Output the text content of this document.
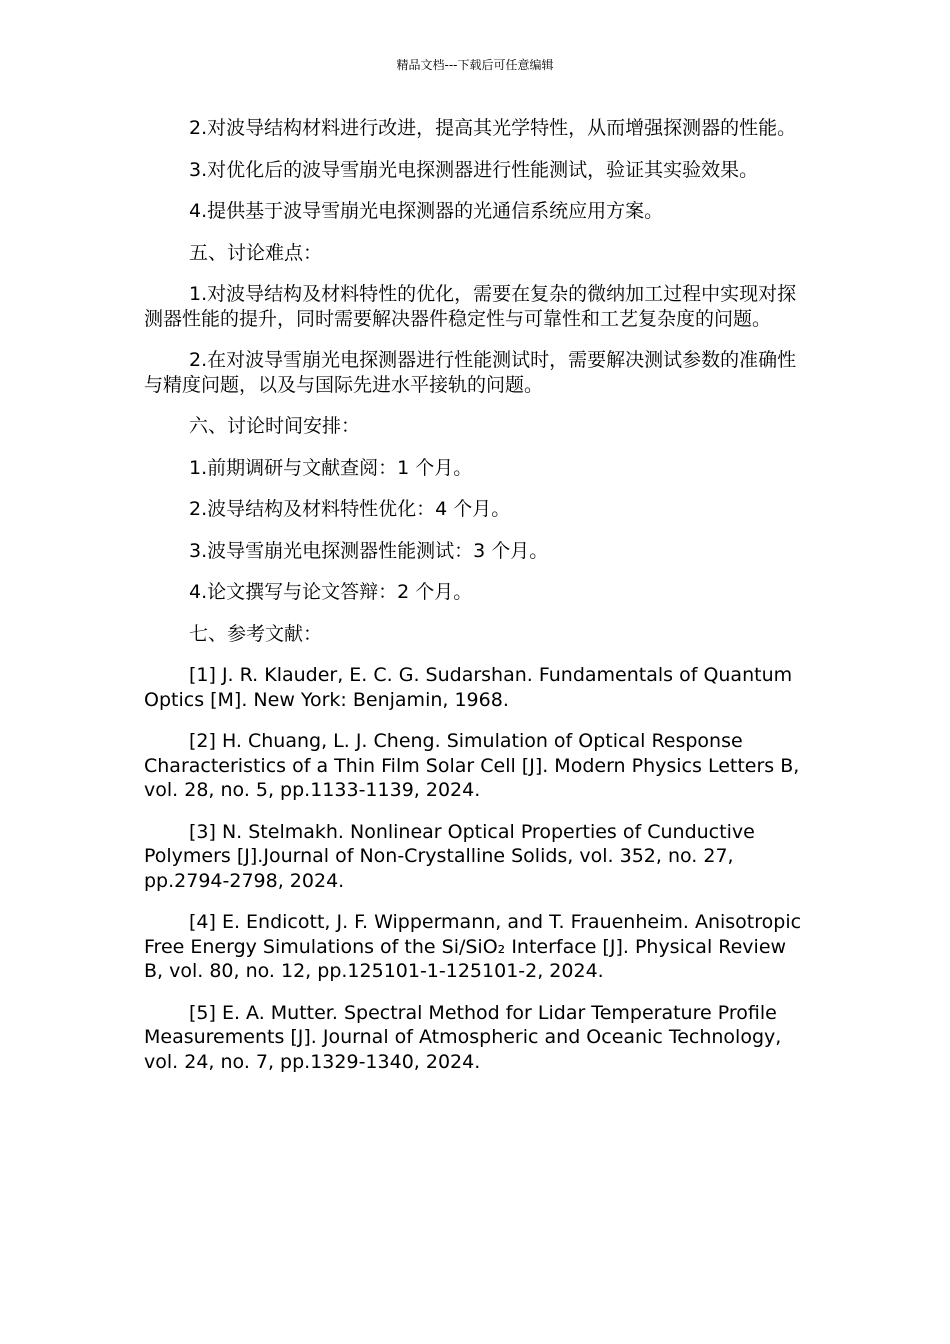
精品文档---下载后可任意编辑

2.对波导结构材料进行改进，提高其光学特性，从而增强探测器的性能。

3.对优化后的波导雪崩光电探测器进行性能测试，验证其实验效果。

4.提供基于波导雪崩光电探测器的光通信系统应用方案。

五、讨论难点：

1.对波导结构及材料特性的优化，需要在复杂的微纳加工过程中实现对探测器性能的提升，同时需要解决器件稳定性与可靠性和工艺复杂度的问题。

2.在对波导雪崩光电探测器进行性能测试时，需要解决测试参数的准确性与精度问题，以及与国际先进水平接轨的问题。

六、讨论时间安排：

1.前期调研与文献查阅：1 个月。

2.波导结构及材料特性优化：4 个月。

3.波导雪崩光电探测器性能测试：3 个月。

4.论文撰写与论文答辩：2 个月。

七、参考文献：

[1] J. R. Klauder, E. C. G. Sudarshan. Fundamentals of Quantum Optics [M]. New York: Benjamin, 1968.

[2] H. Chuang, L. J. Cheng. Simulation of Optical Response Characteristics of a Thin Film Solar Cell [J]. Modern Physics Letters B, vol. 28, no. 5, pp.1133-1139, 2024.

[3] N. Stelmakh. Nonlinear Optical Properties of Cunductive Polymers [J].Journal of Non-Crystalline Solids, vol. 352, no. 27, pp.2794-2798, 2024.

[4] E. Endicott, J. F. Wippermann, and T. Frauenheim. Anisotropic Free Energy Simulations of the Si/SiO₂ Interface [J]. Physical Review B, vol. 80, no. 12, pp.125101-1-125101-2, 2024.

[5] E. A. Mutter. Spectral Method for Lidar Temperature Profile Measurements [J]. Journal of Atmospheric and Oceanic Technology, vol. 24, no. 7, pp.1329-1340, 2024.
